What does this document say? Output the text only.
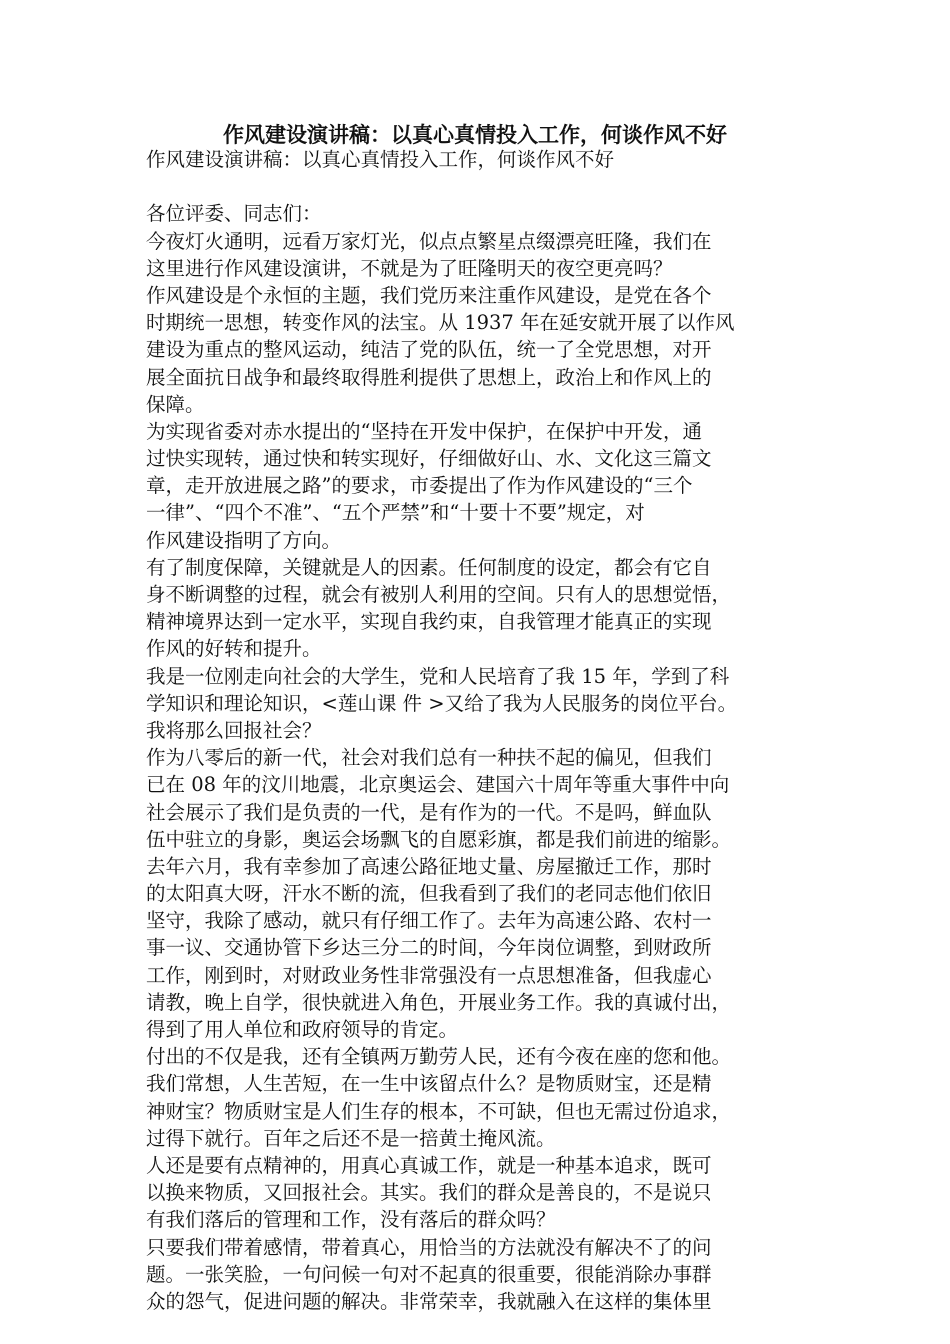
作风建设演讲稿：以真心真情投入工作，何谈作风不好
作风建设演讲稿：以真心真情投入工作，何谈作风不好
各位评委、同志们：
今夜灯火通明，远看万家灯光，似点点繁星点缀漂亮旺隆，我们在
这里进行作风建设演讲，不就是为了旺隆明天的夜空更亮吗？
作风建设是个永恒的主题，我们党历来注重作风建设，是党在各个
时期统一思想，转变作风的法宝。从 1937 年在延安就开展了以作风
建设为重点的整风运动，纯洁了党的队伍，统一了全党思想，对开
展全面抗日战争和最终取得胜利提供了思想上，政治上和作风上的
保障。
为实现省委对赤水提出的“坚持在开发中保护，在保护中开发，通
过快实现转，通过快和转实现好，仔细做好山、水、文化这三篇文
章，走开放进展之路”的要求，市委提出了作为作风建设的“三个
一律”、“四个不准”、“五个严禁”和“十要十不要”规定，对
作风建设指明了方向。
有了制度保障，关键就是人的因素。任何制度的设定，都会有它自
身不断调整的过程，就会有被别人利用的空间。只有人的思想觉悟，
精神境界达到一定水平，实现自我约束，自我管理才能真正的实现
作风的好转和提升。
我是一位刚走向社会的大学生，党和人民培育了我 15 年，学到了科
学知识和理论知识，<莲山课 件 >又给了我为人民服务的岗位平台。
我将那么回报社会？
作为八零后的新一代，社会对我们总有一种扶不起的偏见，但我们
已在 08 年的汶川地震，北京奥运会、建国六十周年等重大事件中向
社会展示了我们是负责的一代，是有作为的一代。不是吗，鲜血队
伍中驻立的身影，奥运会场飘飞的自愿彩旗，都是我们前进的缩影。
去年六月，我有幸参加了高速公路征地丈量、房屋撤迁工作，那时
的太阳真大呀，汗水不断的流，但我看到了我们的老同志他们依旧
坚守，我除了感动，就只有仔细工作了。去年为高速公路、农村一
事一议、交通协管下乡达三分二的时间，今年岗位调整，到财政所
工作，刚到时，对财政业务性非常强没有一点思想准备，但我虚心
请教，晚上自学，很快就进入角色，开展业务工作。我的真诚付出，
得到了用人单位和政府领导的肯定。
付出的不仅是我，还有全镇两万勤劳人民，还有今夜在座的您和他。
我们常想，人生苦短，在一生中该留点什么？是物质财宝，还是精
神财宝？物质财宝是人们生存的根本，不可缺，但也无需过份追求，
过得下就行。百年之后还不是一掊黄土掩风流。
人还是要有点精神的，用真心真诚工作，就是一种基本追求，既可
以换来物质，又回报社会。其实。我们的群众是善良的，不是说只
有我们落后的管理和工作，没有落后的群众吗？
只要我们带着感情，带着真心，用恰当的方法就没有解决不了的问
题。一张笑脸，一句问候一句对不起真的很重要，很能消除办事群
众的怨气，促进问题的解决。非常荣幸，我就融入在这样的集体里
